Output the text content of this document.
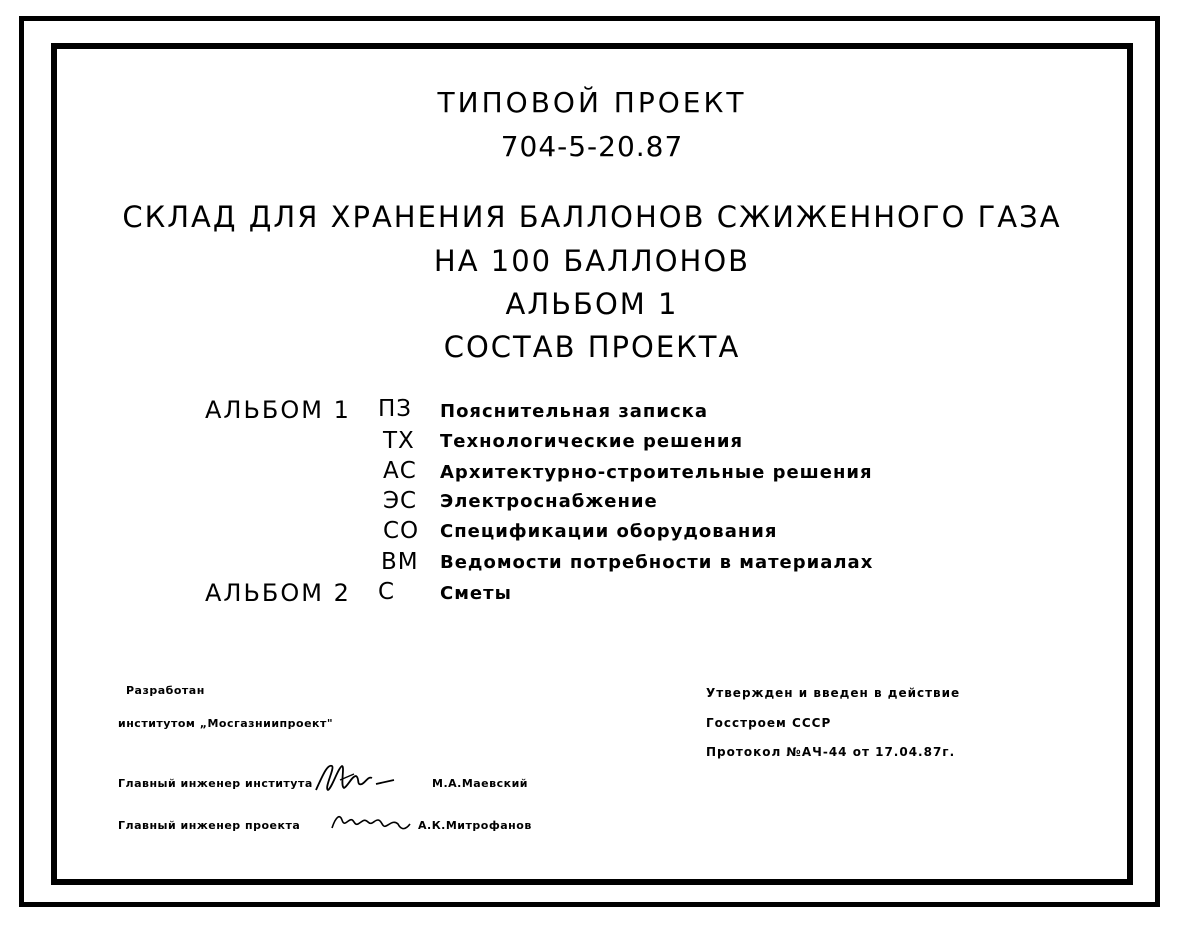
ТИПОВОЙ ПРОЕКТ
704-5-20.87
СКЛАД ДЛЯ ХРАНЕНИЯ БАЛЛОНОВ СЖИЖЕННОГО ГАЗА
НА 100 БАЛЛОНОВ
АЛЬБОМ 1
СОСТАВ ПРОЕКТА
АЛЬБОМ 1 ПЗ Пояснительная записка
ТХ Технологические решения
АС Архитектурно-строительные решения
ЭС Электроснабжение
СО Спецификации оборудования
ВМ Ведомости потребности в материалах
АЛЬБОМ 2 С Сметы
Разработан
институтом „Мосгазниипроект"
Утвержден и введен в действие
Госстроем СССР
Протокол №АЧ-44 от 17.04.87г.
Главный инженер института	М.А.Маевский
Главный инженер проекта	А.К.Митрофанов
